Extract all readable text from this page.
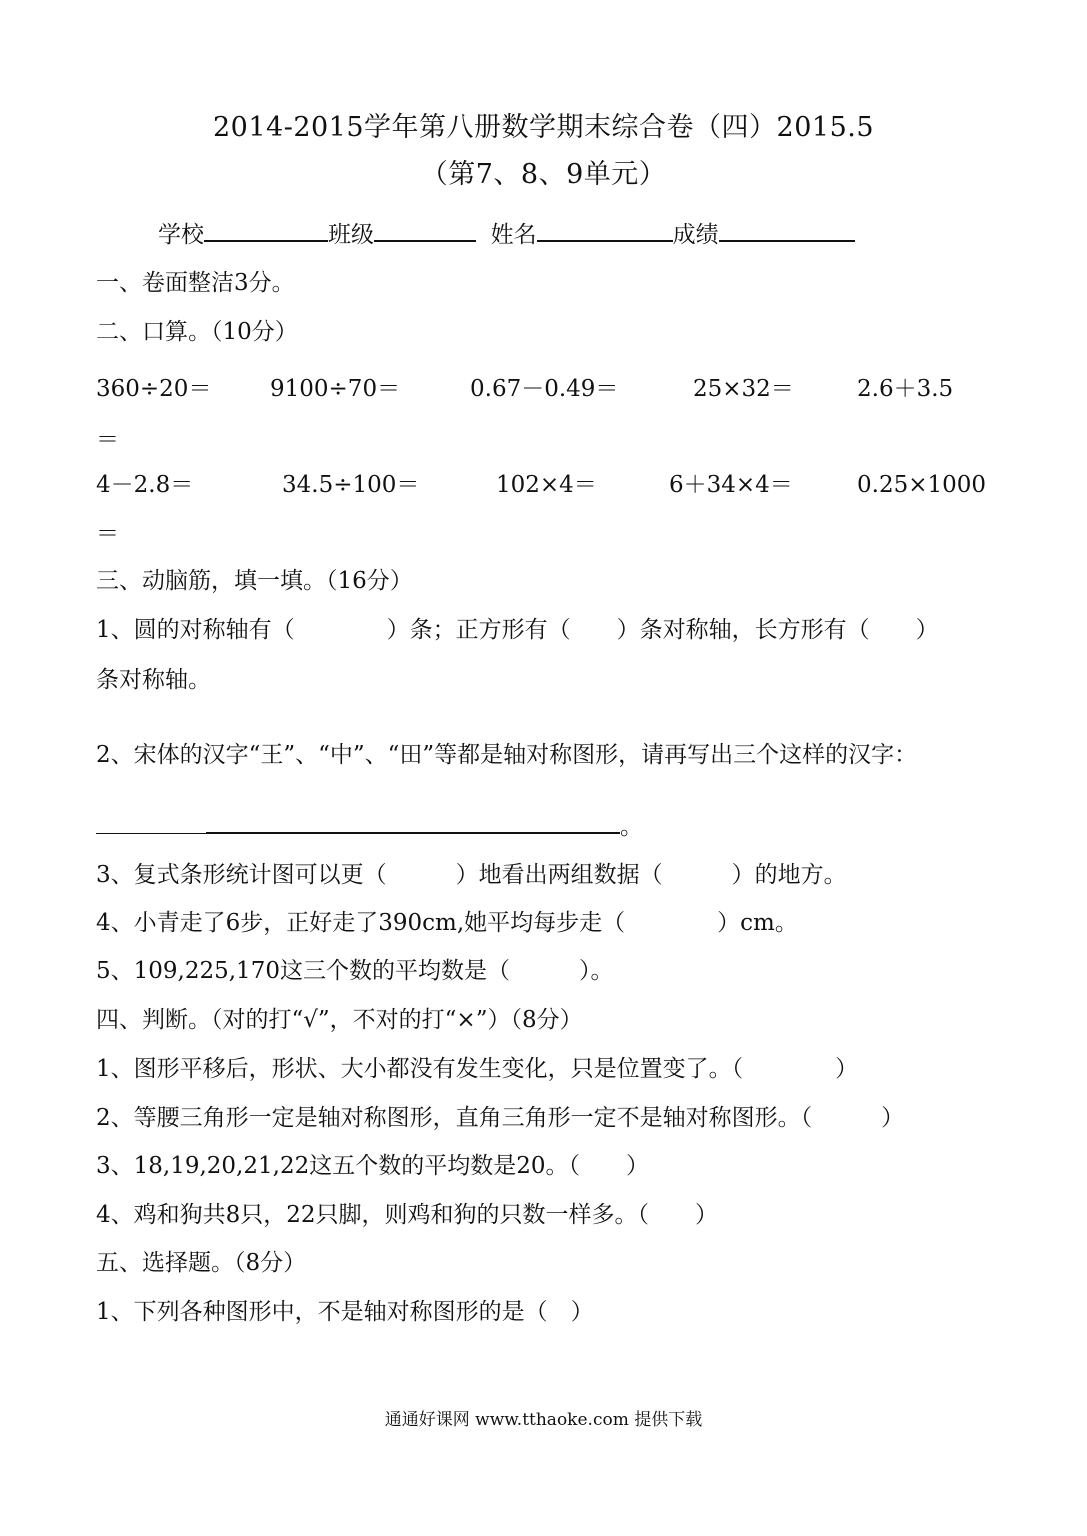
2014-2015学年第八册数学期末综合卷（四）2015.5
（第7、8、9单元）
学校	班级	姓名	成绩
一、卷面整洁3分。
二、口算。（10分）
360÷20＝	9100÷70＝	0.67－0.49＝	25×32＝	2.6＋3.5
＝
4－2.8＝	34.5÷100＝	102×4＝	6＋34×4＝	0.25×1000
＝
三、动脑筋，填一填。（16分）
1、圆的对称轴有（　　　　）条；正方形有（　　）条对称轴，长方形有（　　）
条对称轴。
2、宋体的汉字“王”、“中”、“田”等都是轴对称图形，请再写出三个这样的汉字：
。
3、复式条形统计图可以更（　　　）地看出两组数据（　　　）的地方。
4、小青走了6步，正好走了390cm,她平均每步走（　　　　）cm。
5、109,225,170这三个数的平均数是（　　　）。
四、判断。（对的打“√”，不对的打“×”）（8分）
1、图形平移后，形状、大小都没有发生变化，只是位置变了。（　　　　）
2、等腰三角形一定是轴对称图形，直角三角形一定不是轴对称图形。（　　　）
3、18,19,20,21,22这五个数的平均数是20。（　　）
4、鸡和狗共8只，22只脚，则鸡和狗的只数一样多。（　　）
五、选择题。（8分）
1、下列各种图形中，不是轴对称图形的是（　）
通通好课网 www.tthaoke.com 提供下载
